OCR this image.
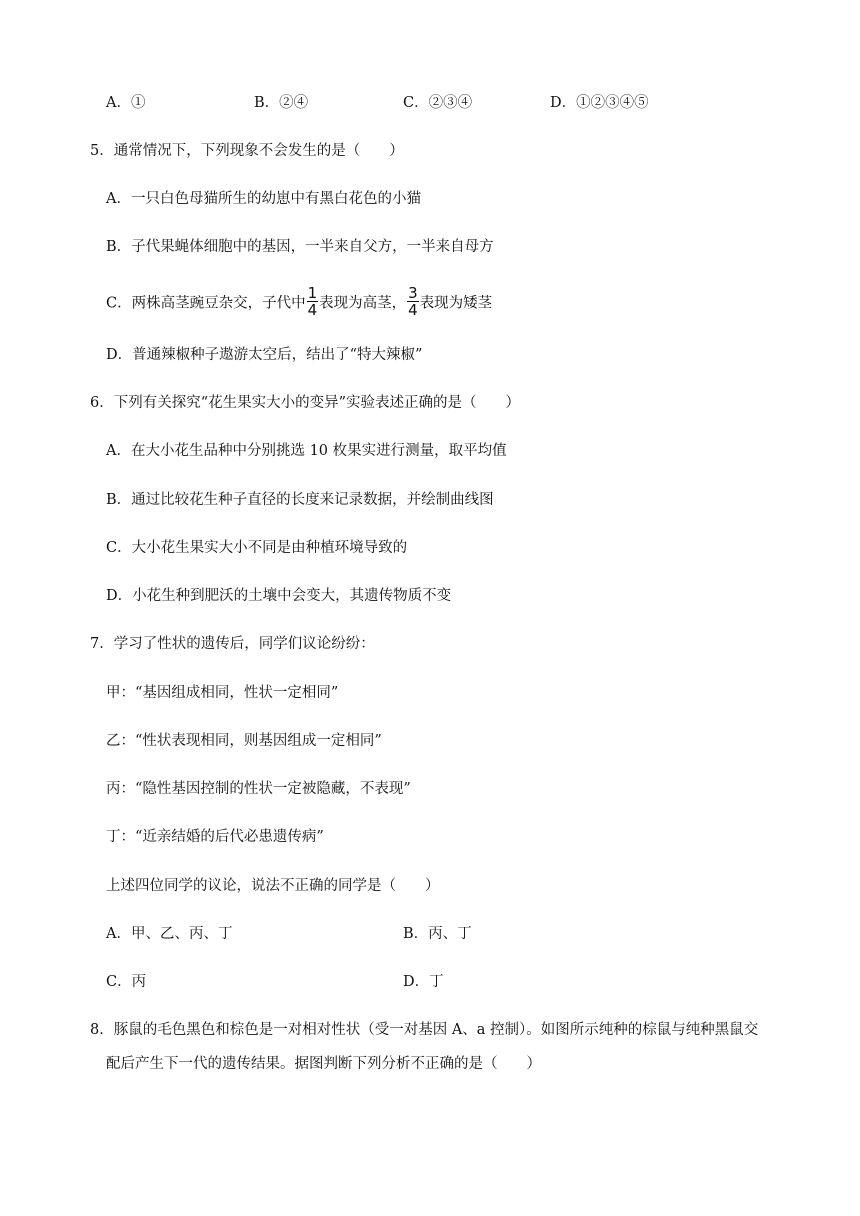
A．①	B．②④	C．②③④	D．①②③④⑤
5．通常情况下，下列现象不会发生的是（　　）
A．一只白色母猫所生的幼崽中有黑白花色的小猫
B．子代果蝇体细胞中的基因，一半来自父方，一半来自母方
C．两株高茎豌豆杂交，子代中 $\frac{1}{4}$ 表现为高茎， $\frac{3}{4}$ 表现为矮茎
D．普通辣椒种子遨游太空后，结出了“特大辣椒”
6．下列有关探究“花生果实大小的变异”实验表述正确的是（　　）
A．在大小花生品种中分别挑选 10 枚果实进行测量，取平均值
B．通过比较花生种子直径的长度来记录数据，并绘制曲线图
C．大小花生果实大小不同是由种植环境导致的
D．小花生种到肥沃的土壤中会变大，其遗传物质不变
7．学习了性状的遗传后，同学们议论纷纷：
甲：“基因组成相同，性状一定相同”
乙：“性状表现相同，则基因组成一定相同”
丙：“隐性基因控制的性状一定被隐藏，不表现”
丁：“近亲结婚的后代必患遗传病”
上述四位同学的议论，说法不正确的同学是（　　）
A．甲、乙、丙、丁	B．丙、丁
C．丙	D．丁
8．豚鼠的毛色黑色和棕色是一对相对性状（受一对基因 A、a 控制）。如图所示纯种的棕鼠与纯种黑鼠交
配后产生下一代的遗传结果。据图判断下列分析不正确的是（　　）
